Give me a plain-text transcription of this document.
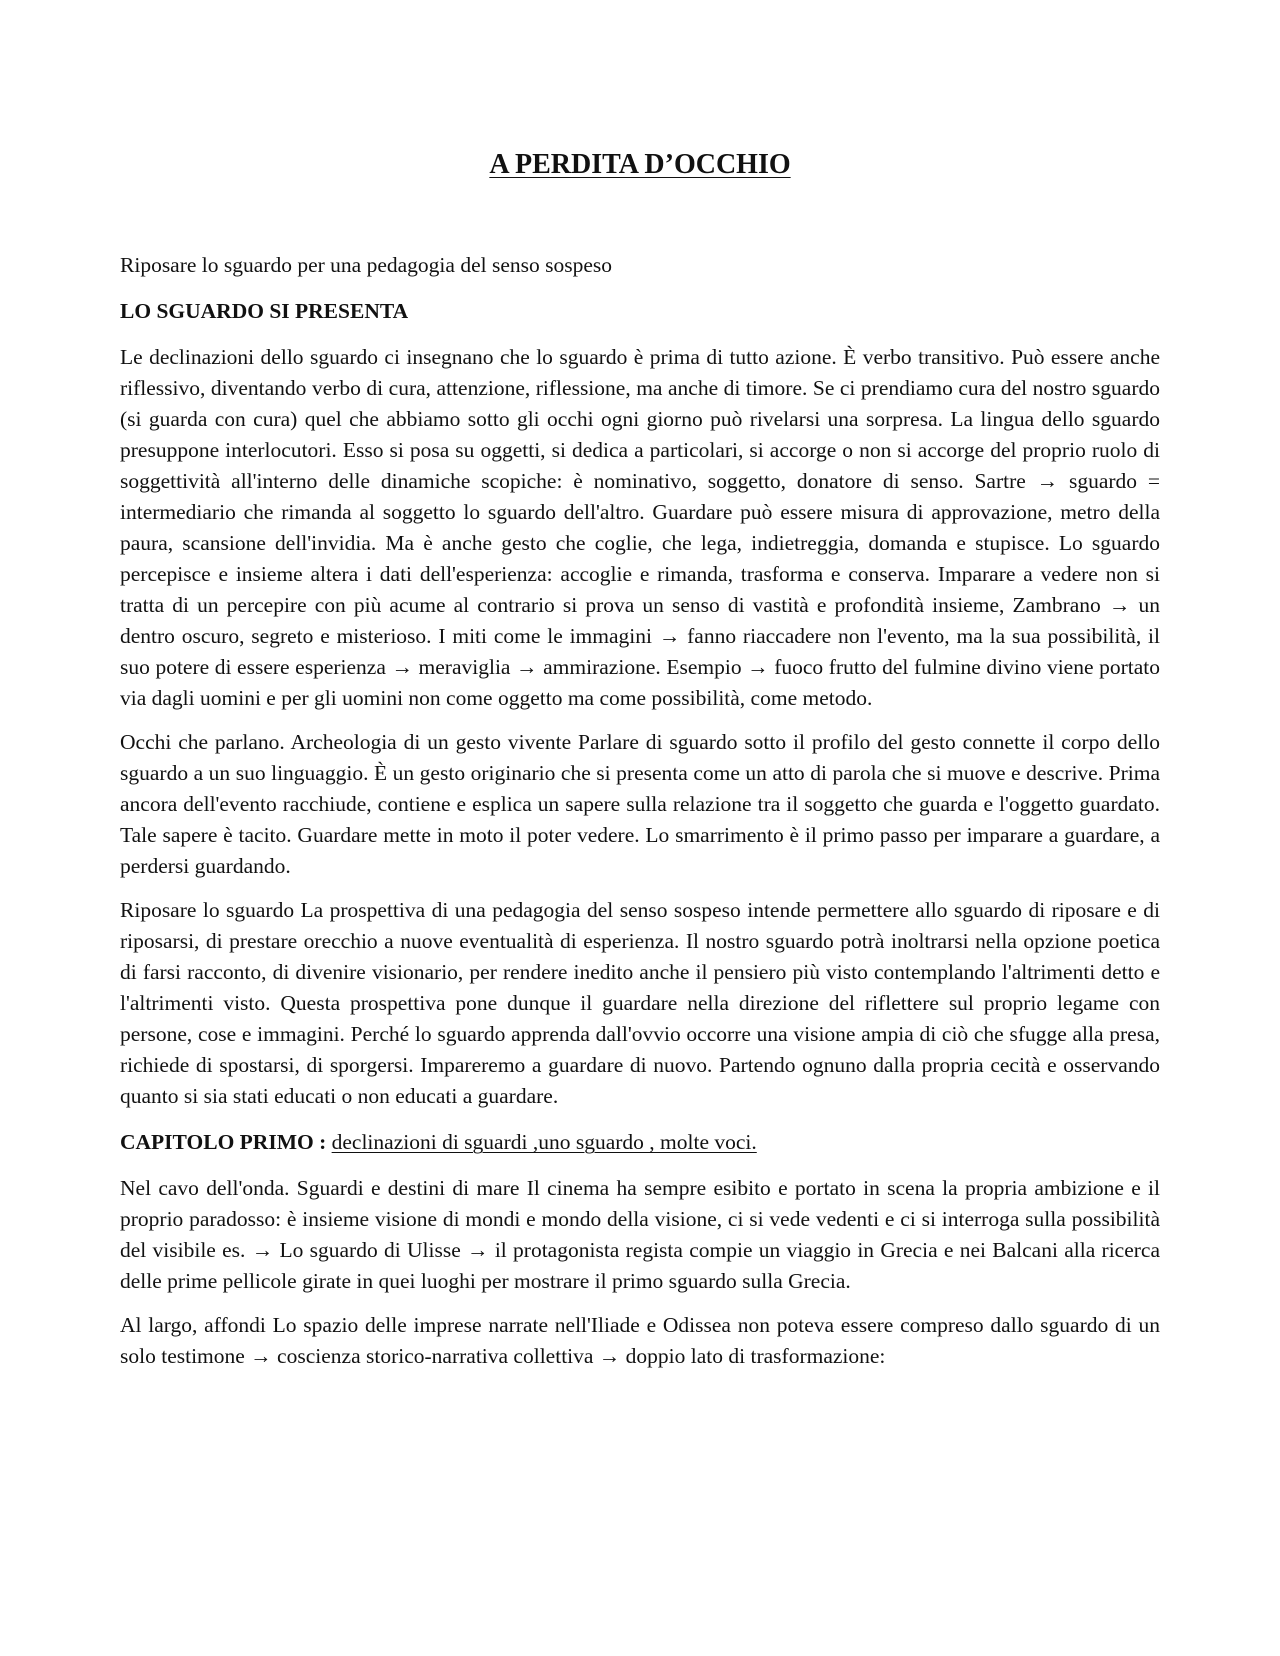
A PERDITA D’OCCHIO

Riposare lo sguardo per una pedagogia del senso sospeso

LO SGUARDO SI PRESENTA

Le declinazioni dello sguardo ci insegnano che lo sguardo è prima di tutto azione. È verbo transitivo. Può essere anche riflessivo, diventando verbo di cura, attenzione, riflessione, ma anche di timore. Se ci prendiamo cura del nostro sguardo (si guarda con cura) quel che abbiamo sotto gli occhi ogni giorno può rivelarsi una sorpresa. La lingua dello sguardo presuppone interlocutori. Esso si posa su oggetti, si dedica a particolari, si accorge o non si accorge del proprio ruolo di soggettività all'interno delle dinamiche scopiche: è nominativo, soggetto, donatore di senso. Sartre → sguardo = intermediario che rimanda al soggetto lo sguardo dell'altro. Guardare può essere misura di approvazione, metro della paura, scansione dell'invidia. Ma è anche gesto che coglie, che lega, indietreggia, domanda e stupisce. Lo sguardo percepisce e insieme altera i dati dell'esperienza: accoglie e rimanda, trasforma e conserva. Imparare a vedere non si tratta di un percepire con più acume al contrario si prova un senso di vastità e profondità insieme, Zambrano → un dentro oscuro, segreto e misterioso. I miti come le immagini → fanno riaccadere non l'evento, ma la sua possibilità, il suo potere di essere esperienza → meraviglia → ammirazione. Esempio → fuoco frutto del fulmine divino viene portato via dagli uomini e per gli uomini non come oggetto ma come possibilità, come metodo.

Occhi che parlano. Archeologia di un gesto vivente Parlare di sguardo sotto il profilo del gesto connette il corpo dello sguardo a un suo linguaggio. È un gesto originario che si presenta come un atto di parola che si muove e descrive. Prima ancora dell'evento racchiude, contiene e esplica un sapere sulla relazione tra il soggetto che guarda e l'oggetto guardato. Tale sapere è tacito. Guardare mette in moto il poter vedere. Lo smarrimento è il primo passo per imparare a guardare, a perdersi guardando.

Riposare lo sguardo La prospettiva di una pedagogia del senso sospeso intende permettere allo sguardo di riposare e di riposarsi, di prestare orecchio a nuove eventualità di esperienza. Il nostro sguardo potrà inoltrarsi nella opzione poetica di farsi racconto, di divenire visionario, per rendere inedito anche il pensiero più visto contemplando l'altrimenti detto e l'altrimenti visto. Questa prospettiva pone dunque il guardare nella direzione del riflettere sul proprio legame con persone, cose e immagini. Perché lo sguardo apprenda dall'ovvio occorre una visione ampia di ciò che sfugge alla presa, richiede di spostarsi, di sporgersi. Impareremo a guardare di nuovo. Partendo ognuno dalla propria cecità e osservando quanto si sia stati educati o non educati a guardare.

CAPITOLO PRIMO : declinazioni di sguardi ,uno sguardo , molte voci.

Nel cavo dell'onda. Sguardi e destini di mare Il cinema ha sempre esibito e portato in scena la propria ambizione e il proprio paradosso: è insieme visione di mondi e mondo della visione, ci si vede vedenti e ci si interroga sulla possibilità del visibile es. → Lo sguardo di Ulisse → il protagonista regista compie un viaggio in Grecia e nei Balcani alla ricerca delle prime pellicole girate in quei luoghi per mostrare il primo sguardo sulla Grecia.

Al largo, affondi Lo spazio delle imprese narrate nell'Iliade e Odissea non poteva essere compreso dallo sguardo di un solo testimone → coscienza storico-narrativa collettiva → doppio lato di trasformazione:
